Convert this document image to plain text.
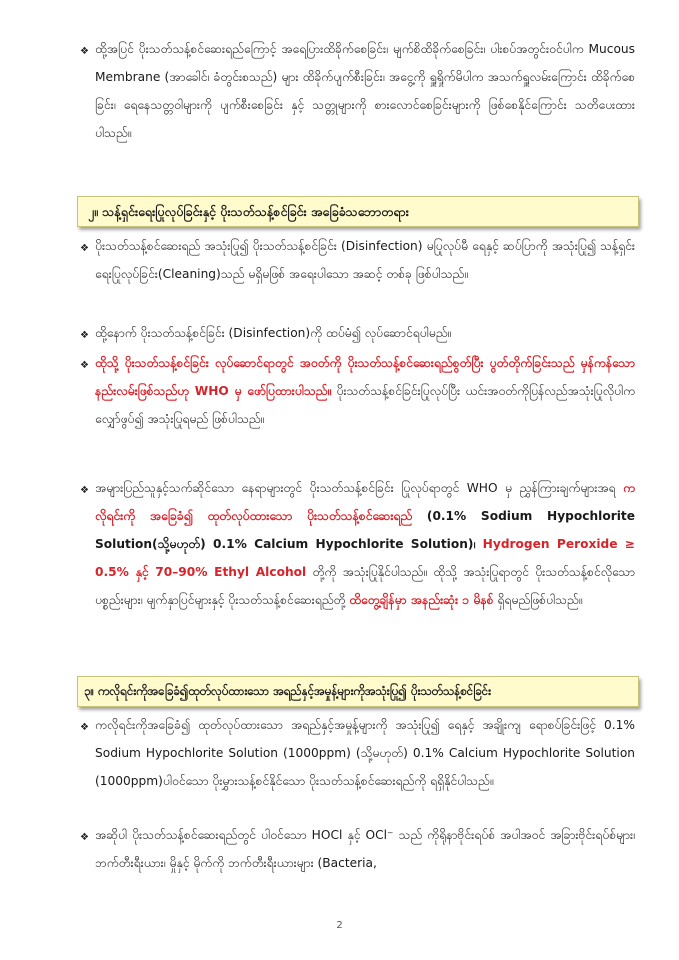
❖ ထို့အပြင် ပိုးသတ်သန့်စင်ဆေးရည်ကြောင့် အရေပြားထိခိုက်စေခြင်း၊ မျက်စိထိခိုက်စေခြင်း၊ ပါးစပ်အတွင်းဝင်ပါက Mucous Membrane (အာခေါင်၊ ခံတွင်းစသည်) များ ထိခိုက်ပျက်စီးခြင်း၊ အငွေ့ကို ရှူရှိုက်မိပါက အသက်ရှူလမ်းကြောင်း ထိခိုက်စေခြင်း၊ ရေနေသတ္တဝါများကို ပျက်စီးစေခြင်း နှင့် သတ္တုများကို စားလောင်စေခြင်းများကို ဖြစ်စေနိုင်ကြောင်း သတိပေးထားပါသည်။
၂။ သန့်ရှင်းရေးပြုလုပ်ခြင်းနှင့် ပိုးသတ်သန့်စင်ခြင်း အခြေခံသဘောတရား
❖ ပိုးသတ်သန့်စင်ဆေးရည် အသုံးပြု၍ ပိုးသတ်သန့်စင်ခြင်း (Disinfection) မပြုလုပ်မီ ရေနှင့် ဆပ်ပြာကို အသုံးပြု၍ သန့်ရှင်းရေးပြုလုပ်ခြင်း(Cleaning)သည် မရှိမဖြစ် အရေးပါသော အဆင့် တစ်ခု ဖြစ်ပါသည်။
❖ ထို့နောက် ပိုးသတ်သန့်စင်ခြင်း (Disinfection)ကို ထပ်မံ၍ လုပ်ဆောင်ရပါမည်။
❖ ထိုသို့ ပိုးသတ်သန့်စင်ခြင်း လုပ်ဆောင်ရာတွင် အဝတ်ကို ပိုးသတ်သန့်စင်ဆေးရည်စွတ်ပြီး ပွတ်တိုက်ခြင်းသည် မှန်ကန်သောနည်းလမ်းဖြစ်သည်ဟု WHO မှ ဖော်ပြထားပါသည်။ ပိုးသတ်သန့်စင်ခြင်းပြုလုပ်ပြီး ယင်းအဝတ်ကိုပြန်လည်အသုံးပြုလိုပါက လျှော်ဖွပ်၍ အသုံးပြုရမည် ဖြစ်ပါသည်။
❖ အများပြည်သူနှင့်သက်ဆိုင်သော နေရာများတွင် ပိုးသတ်သန့်စင်ခြင်း ပြုလုပ်ရာတွင် WHO မှ ညွှန်ကြားချက်များအရ ကလိုရင်းကို အခြေခံ၍ ထုတ်လုပ်ထားသော ပိုးသတ်သန့်စင်ဆေးရည် (0.1% Sodium Hypochlorite Solution(သို့မဟုတ်) 0.1% Calcium Hypochlorite Solution)၊ Hydrogen Peroxide ≥ 0.5% နှင့် 70–90% Ethyl Alcohol တို့ကို အသုံးပြုနိုင်ပါသည်။ ထိုသို့ အသုံးပြုရာတွင် ပိုးသတ်သန့်စင်လိုသော ပစ္စည်းများ၊ မျက်နှာပြင်များနှင့် ပိုးသတ်သန့်စင်ဆေးရည်တို့ ထိတွေ့ချိန်မှာ အနည်းဆုံး ၁ မိနစ် ရှိရမည်ဖြစ်ပါသည်။
၃။ ကလိုရင်းကိုအခြေခံ၍ထုတ်လုပ်ထားသော အရည်နှင့်အမှုန့်များကိုအသုံးပြု၍ ပိုးသတ်သန့်စင်ခြင်း
❖ ကလိုရင်းကိုအခြေခံ၍ ထုတ်လုပ်ထားသော အရည်နှင့်အမှုန့်များကို အသုံးပြု၍ ရေနှင့် အချိုးကျ ရောစပ်ခြင်းဖြင့် 0.1% Sodium Hypochlorite Solution (1000ppm) (သို့မဟုတ်) 0.1% Calcium Hypochlorite Solution (1000ppm)ပါဝင်သော ပိုးမွှားသန့်စင်နိုင်သော ပိုးသတ်သန့်စင်ဆေးရည်ကို ရရှိနိုင်ပါသည်။
❖ အဆိုပါ ပိုးသတ်သန့်စင်ဆေးရည်တွင် ပါဝင်သော HOCl နှင့် OCl⁻ သည် ကိုရိုနာဗိုင်းရပ်စ် အပါအဝင် အခြားဗိုင်းရပ်စ်များ၊ ဘက်တီးရီးယား၊ မှိုနှင့် မိုက်ကို ဘက်တီးရီးယားများ (Bacteria,
2
